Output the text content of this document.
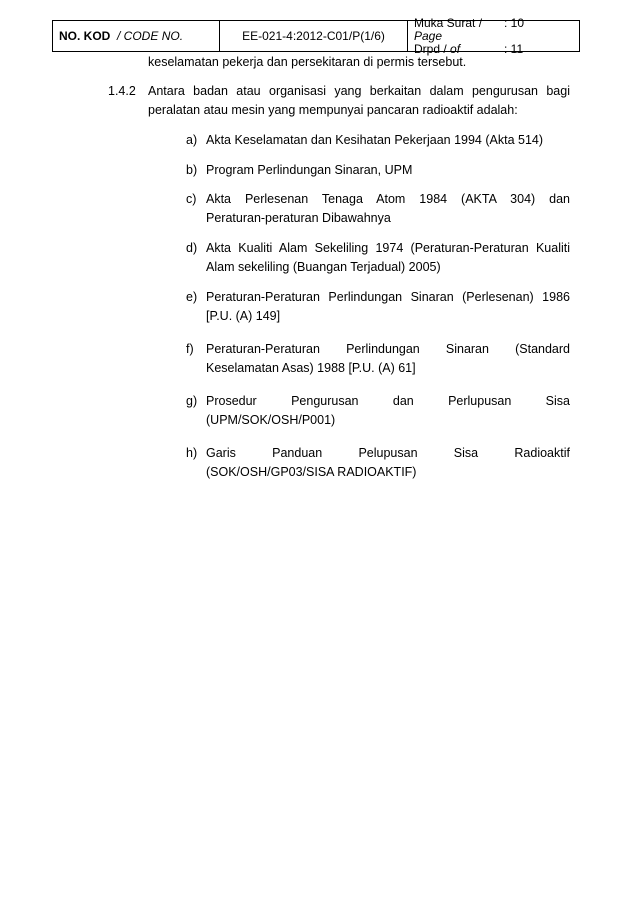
NO. KOD
/ CODE NO.	EE-021-4:2012-C01/P(1/6)
Muka Surat / Page
: 10
Drpd / of	: 11
keselamatan pekerja dan persekitaran di permis tersebut.
1.4.2 Antara badan atau organisasi yang berkaitan dalam pengurusan bagi
peralatan atau mesin yang mempunyai pancaran radioaktif adalah:
a) Akta Keselamatan dan Kesihatan Pekerjaan 1994 (Akta 514)
b) Program Perlindungan Sinaran, UPM
c) Akta Perlesenan Tenaga Atom 1984 (AKTA 304) dan
Peraturan-peraturan Dibawahnya
d) Akta Kualiti Alam Sekeliling 1974 (Peraturan-Peraturan Kualiti
Alam sekeliling (Buangan Terjadual) 2005)
e) Peraturan-Peraturan Perlindungan Sinaran (Perlesenan) 1986
[P.U. (A) 149]
f) Peraturan-Peraturan Perlindungan Sinaran (Standard
Keselamatan Asas) 1988 [P.U. (A) 61]
g) Prosedur Pengurusan dan Perlupusan Sisa
(UPM/SOK/OSH/P001)
h) Garis Panduan Pelupusan Sisa Radioaktif
(SOK/OSH/GP03/SISA RADIOAKTIF)
